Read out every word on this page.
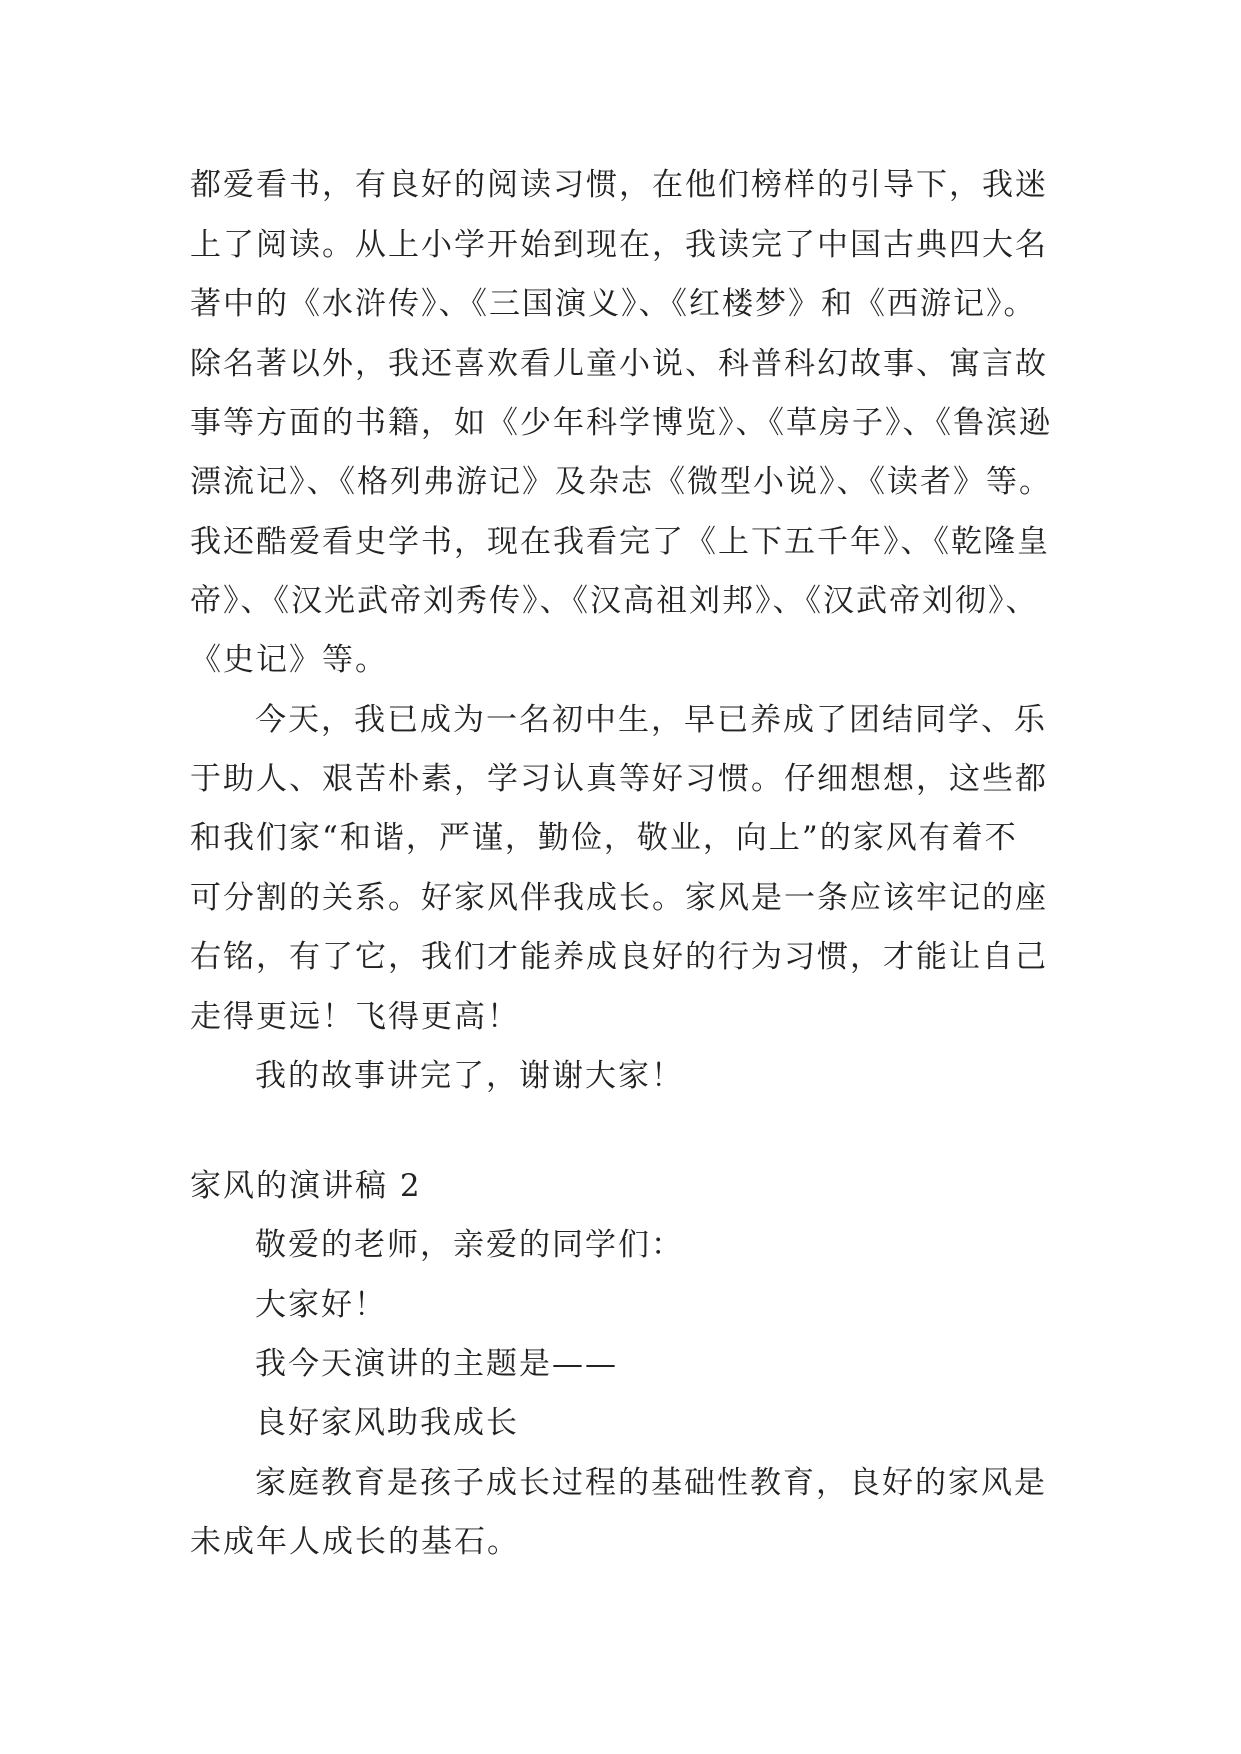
都爱看书，有良好的阅读习惯，在他们榜样的引导下，我迷
上了阅读。从上小学开始到现在，我读完了中国古典四大名
著中的《水浒传》、《三国演义》、《红楼梦》和《西游记》。
除名著以外，我还喜欢看儿童小说、科普科幻故事、寓言故
事等方面的书籍，如《少年科学博览》、《草房子》、《鲁滨逊
漂流记》、《格列弗游记》及杂志《微型小说》、《读者》等。
我还酷爱看史学书，现在我看完了《上下五千年》、《乾隆皇
帝》、《汉光武帝刘秀传》、《汉高祖刘邦》、《汉武帝刘彻》、
《史记》等。
今天，我已成为一名初中生，早已养成了团结同学、乐
于助人、艰苦朴素，学习认真等好习惯。仔细想想，这些都
和我们家“和谐，严谨，勤俭，敬业，向上”的家风有着不
可分割的关系。好家风伴我成长。家风是一条应该牢记的座
右铭，有了它，我们才能养成良好的行为习惯，才能让自己
走得更远！飞得更高！
我的故事讲完了，谢谢大家！
家风的演讲稿 2
敬爱的老师，亲爱的同学们：
大家好！
我今天演讲的主题是——
良好家风助我成长
家庭教育是孩子成长过程的基础性教育，良好的家风是
未成年人成长的基石。
